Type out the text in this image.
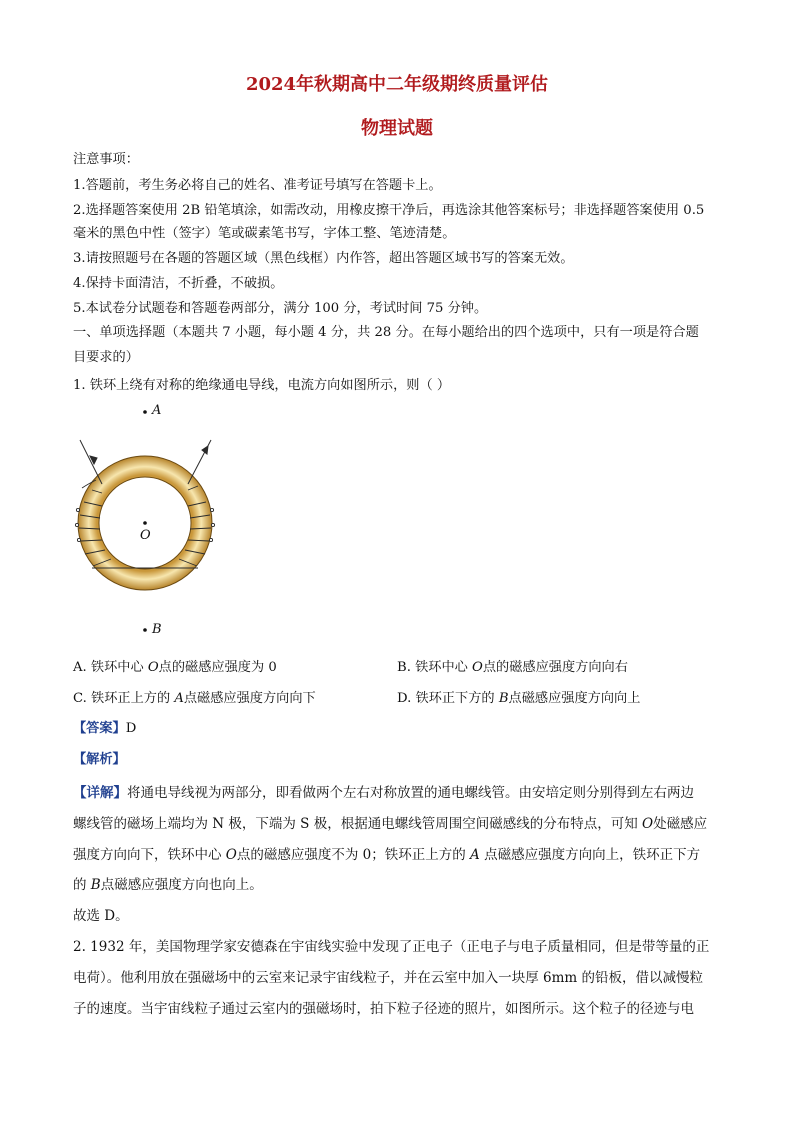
2024年秋期高中二年级期终质量评估
物理试题
注意事项：
1.答题前，考生务必将自己的姓名、准考证号填写在答题卡上。
2.选择题答案使用 2B 铅笔填涂，如需改动，用橡皮擦干净后，再选涂其他答案标号；非选择题答案使用 0.5
毫米的黑色中性（签字）笔或碳素笔书写，字体工整、笔迹清楚。
3.请按照题号在各题的答题区域（黑色线框）内作答，超出答题区域书写的答案无效。
4.保持卡面清洁，不折叠，不破损。
5.本试卷分试题卷和答题卷两部分，满分 100 分，考试时间 75 分钟。
一、单项选择题（本题共 7 小题，每小题 4 分，共 28 分。在每小题给出的四个选项中，只有一项是符合题
目要求的）
1. 铁环上绕有对称的绝缘通电导线，电流方向如图所示，则（ ）
A
O
B
A. 铁环中心 O点的磁感应强度为 0	B. 铁环中心 O点的磁感应强度方向向右
C. 铁环正上方的 A点磁感应强度方向向下	D. 铁环正下方的 B点磁感应强度方向向上
【答案】D
【解析】
【详解】将通电导线视为两部分，即看做两个左右对称放置的通电螺线管。由安培定则分别得到左右两边
螺线管的磁场上端均为 N 极，下端为 S 极，根据通电螺线管周围空间磁感线的分布特点，可知 O处磁感应
强度方向向下，铁环中心 O点的磁感应强度不为 0；铁环正上方的 A 点磁感应强度方向向上，铁环正下方
的 B点磁感应强度方向也向上。
故选 D。
2. 1932 年，美国物理学家安德森在宇宙线实验中发现了正电子（正电子与电子质量相同，但是带等量的正
电荷）。他利用放在强磁场中的云室来记录宇宙线粒子，并在云室中加入一块厚 6mm 的铅板，借以减慢粒
子的速度。当宇宙线粒子通过云室内的强磁场时，拍下粒子径迹的照片，如图所示。这个粒子的径迹与电
